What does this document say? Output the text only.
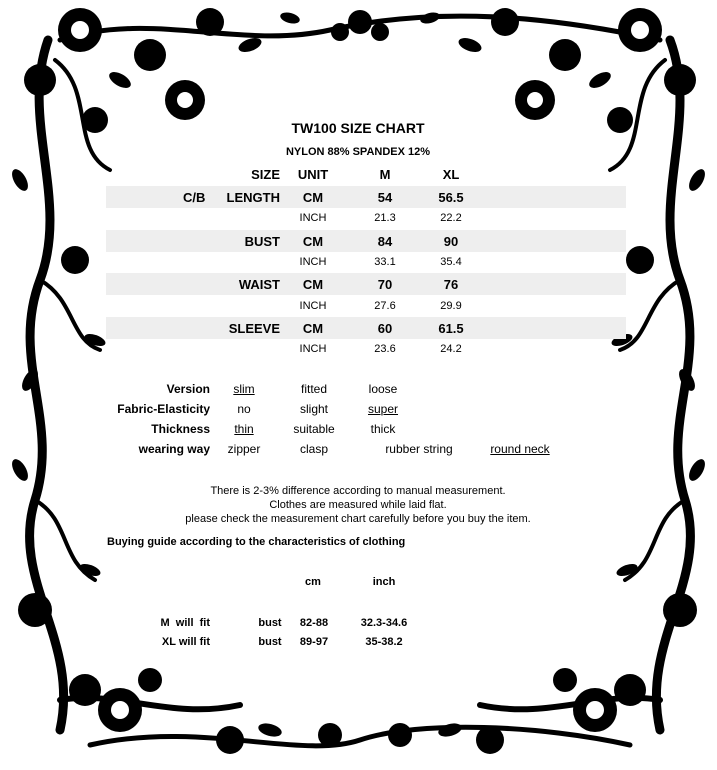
TW100 SIZE CHART
NYLON 88% SPANDEX 12%
SIZE	UNIT	M	XL
C/B	LENGTH	CM	54	56.5
INCH	21.3	22.2
BUST	CM	84	90
INCH	33.1	35.4
WAIST	CM	70	76
INCH	27.6	29.9
SLEEVE	CM	60	61.5
INCH	23.6	24.2
Version	slim	fitted	loose
Fabric-Elasticity	no	slight	super
Thickness	thin	suitable	thick
wearing way	zipper	clasp	rubber string	round neck
There is 2-3% difference according to manual measurement.
Clothes are measured while laid flat.
please check the measurement chart carefully before you buy the item.
Buying guide according to the characteristics of clothing
cm	inch
M  will  fit	bust	82-88	32.3-34.6
XL will fit	bust	89-97	35-38.2
